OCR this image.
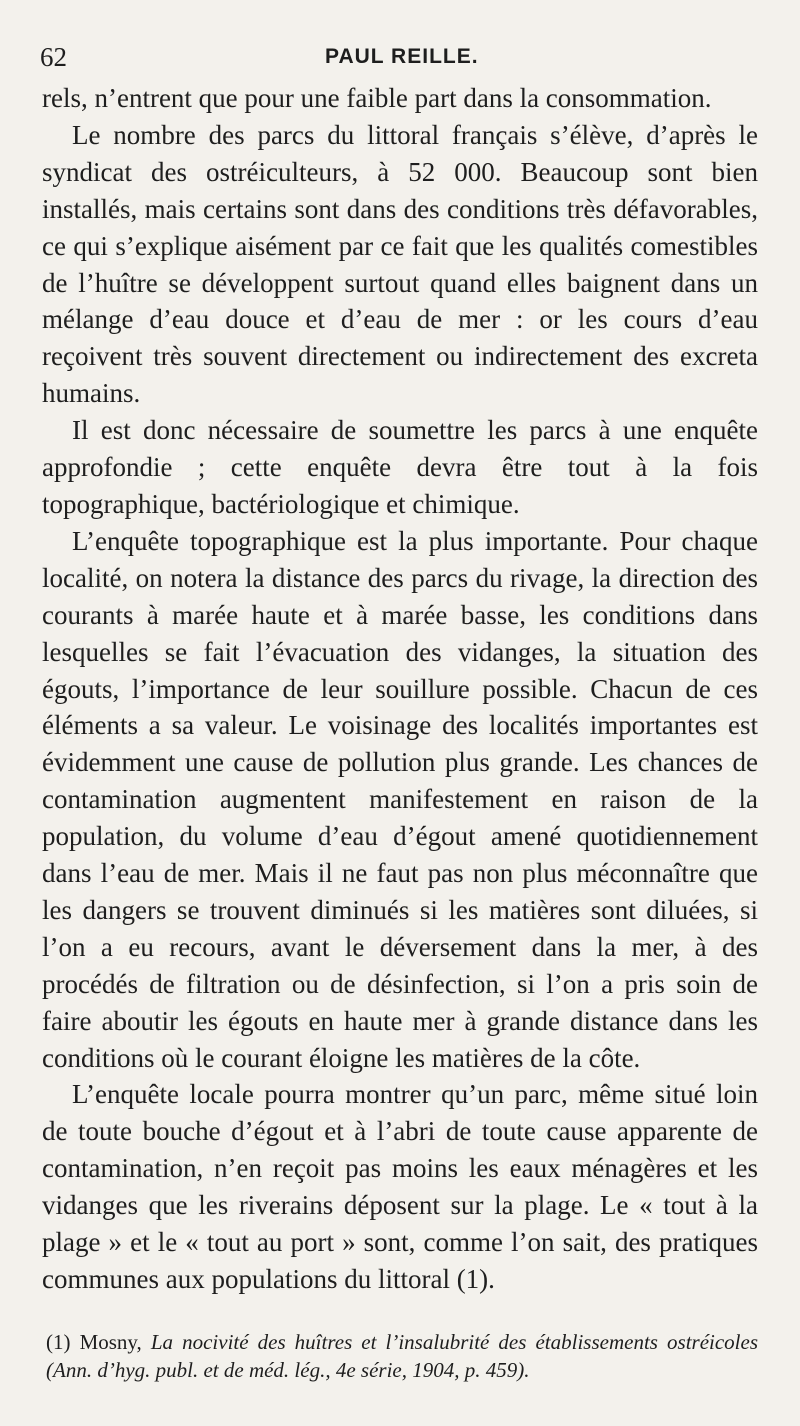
62	PAUL REILLE.

rels, n’entrent que pour une faible part dans la consommation.

Le nombre des parcs du littoral français s’élève, d’après le syndicat des ostréiculteurs, à 52 000. Beaucoup sont bien installés, mais certains sont dans des conditions très défavorables, ce qui s’explique aisément par ce fait que les qualités comestibles de l’huître se développent surtout quand elles baignent dans un mélange d’eau douce et d’eau de mer : or les cours d’eau reçoivent très souvent directement ou indirectement des excreta humains.

Il est donc nécessaire de soumettre les parcs à une enquête approfondie ; cette enquête devra être tout à la fois topographique, bactériologique et chimique.

L’enquête topographique est la plus importante. Pour chaque localité, on notera la distance des parcs du rivage, la direction des courants à marée haute et à marée basse, les conditions dans lesquelles se fait l’évacuation des vidanges, la situation des égouts, l’importance de leur souillure possible. Chacun de ces éléments a sa valeur. Le voisinage des localités importantes est évidemment une cause de pollution plus grande. Les chances de contamination augmentent manifestement en raison de la population, du volume d’eau d’égout amené quotidiennement dans l’eau de mer. Mais il ne faut pas non plus méconnaître que les dangers se trouvent diminués si les matières sont diluées, si l’on a eu recours, avant le déversement dans la mer, à des procédés de filtration ou de désinfection, si l’on a pris soin de faire aboutir les égouts en haute mer à grande distance dans les conditions où le courant éloigne les matières de la côte.

L’enquête locale pourra montrer qu’un parc, même situé loin de toute bouche d’égout et à l’abri de toute cause apparente de contamination, n’en reçoit pas moins les eaux ménagères et les vidanges que les riverains déposent sur la plage. Le « tout à la plage » et le « tout au port » sont, comme l’on sait, des pratiques communes aux populations du littoral (1).

(1) Mosny, La nocivité des huîtres et l’insalubrité des établissements ostréicoles (Ann. d’hyg. publ. et de méd. lég., 4e série, 1904, p. 459).
